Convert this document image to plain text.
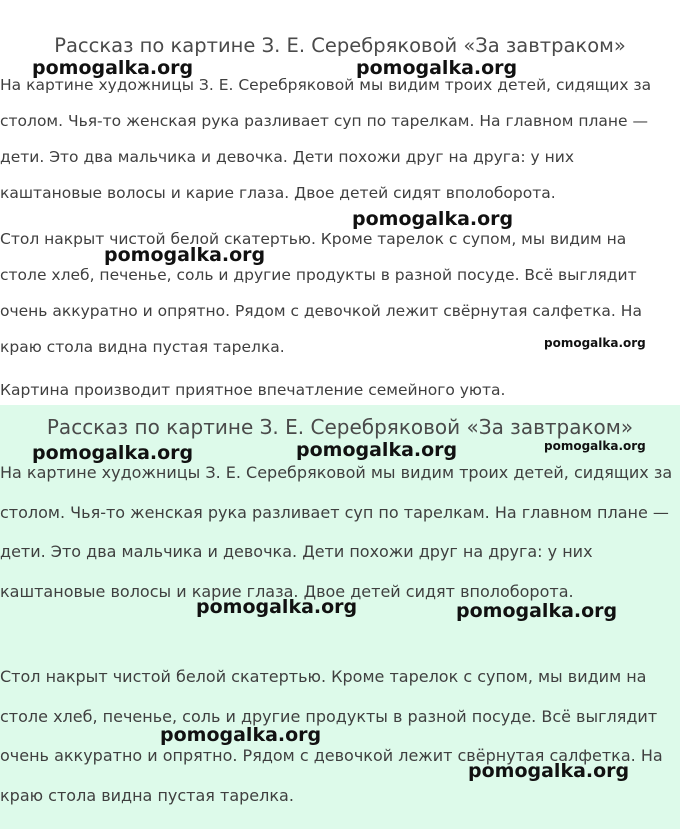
Рассказ по картине З. Е. Серебряковой «За завтраком»

На картине художницы З. Е. Серебряковой мы видим троих детей, сидящих за столом. Чья-то женская рука разливает суп по тарелкам. На главном плане — дети. Это два мальчика и девочка. Дети похожи друг на друга: у них каштановые волосы и карие глаза. Двое детей сидят вполоборота.

Стол накрыт чистой белой скатертью. Кроме тарелок с супом, мы видим на столе хлеб, печенье, соль и другие продукты в разной посуде. Всё выглядит очень аккуратно и опрятно. Рядом с девочкой лежит свёрнутая салфетка. На краю стола видна пустая тарелка.

Картина производит приятное впечатление семейного уюта.

pomogalka.org	pomogalka.org
pomogalka.org
pomogalka.org
pomogalka.org
Рассказ по картине З. Е. Серебряковой «За завтраком»

На картине художницы З. Е. Серебряковой мы видим троих детей, сидящих за столом. Чья-то женская рука разливает суп по тарелкам. На главном плане — дети. Это два мальчика и девочка. Дети похожи друг на друга: у них каштановые волосы и карие глаза. Двое детей сидят вполоборота.

Стол накрыт чистой белой скатертью. Кроме тарелок с супом, мы видим на столе хлеб, печенье, соль и другие продукты в разной посуде. Всё выглядит очень аккуратно и опрятно. Рядом с девочкой лежит свёрнутая салфетка. На краю стола видна пустая тарелка.

pomogalka.org	pomogalka.org	pomogalka.org
pomogalka.org	pomogalka.org
pomogalka.org
pomogalka.org
